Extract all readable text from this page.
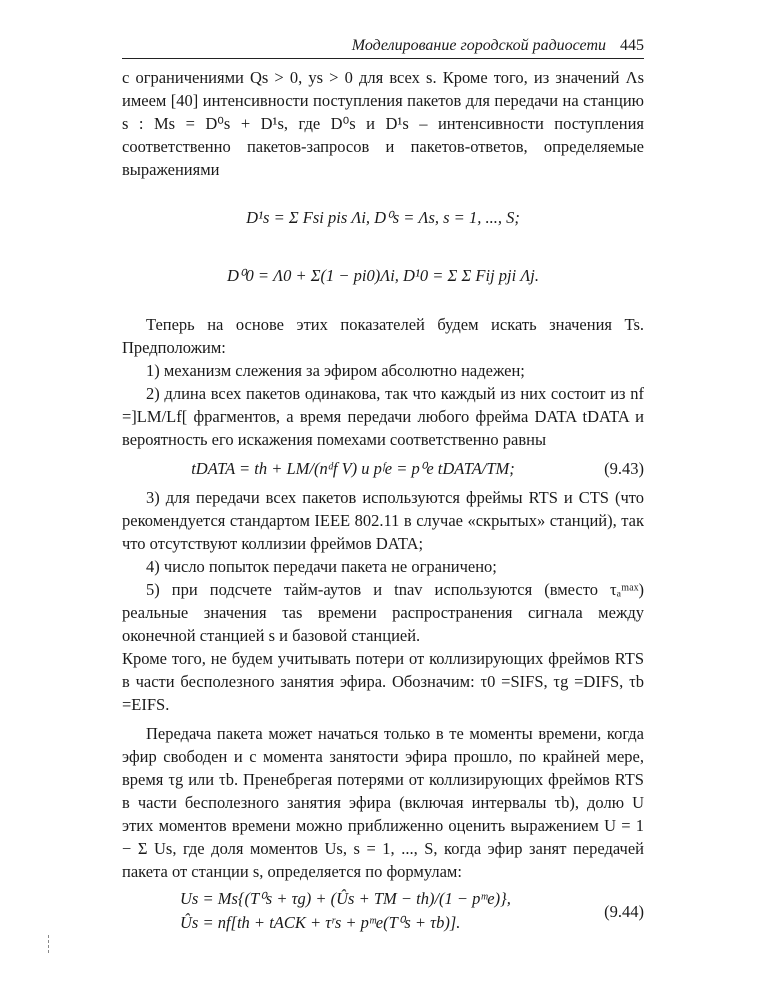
Моделирование городской радиосети 445

с ограничениями Qs > 0, ys > 0 для всех s. Кроме того, из значений Λs имеем [40] интенсивности поступления пакетов для передачи на станцию s : Ms = D⁰s + D¹s, где D⁰s и D¹s – интенсивности поступления соответственно пакетов-запросов и пакетов-ответов, определяемые выражениями

D¹s = Σ Fsi pis Λi, D⁰s = Λs, s = 1, ..., S;

D⁰0 = Λ0 + Σ(1 − pi0)Λi, D¹0 = Σ Σ Fij pji Λj.

Теперь на основе этих показателей будем искать значения Ts. Предположим:

1) механизм слежения за эфиром абсолютно надежен;

2) длина всех пакетов одинакова, так что каждый из них состоит из nf =]LM/Lf[ фрагментов, а время передачи любого фрейма DATA tDATA и вероятность его искажения помехами соответственно равны

tDATA = th + LM/(nᵈf V) и pᶠe = p⁰e tDATA/TM;	(9.43)

3) для передачи всех пакетов используются фреймы RTS и CTS (что рекомендуется стандартом IEEE 802.11 в случае «скрытых» станций), так что отсутствуют коллизии фреймов DATA;

4) число попыток передачи пакета не ограничено;

5) при подсчете тайм-аутов и tnav используются (вместо τₐᵐᵃˣ) реальные значения τas времени распространения сигнала между оконечной станцией s и базовой станцией.

Кроме того, не будем учитывать потери от коллизирующих фреймов RTS в части бесполезного занятия эфира. Обозначим: τ0 =SIFS, τg =DIFS, τb =EIFS.

Передача пакета может начаться только в те моменты времени, когда эфир свободен и с момента занятости эфира прошло, по крайней мере, время τg или τb. Пренебрегая потерями от коллизирующих фреймов RTS в части бесполезного занятия эфира (включая интервалы τb), долю U этих моментов времени можно приближенно оценить выражением U = 1 − Σ Us, где доля моментов Us, s = 1, ..., S, когда эфир занят передачей пакета от станции s, определяется по формулам:

Us = Ms{(T⁰s + τg) + (Ûs + TM − th)/(1 − pᵐe)},
Ûs = nf[th + tACK + τʳs + pᵐe(T⁰s + τb)].
(9.44)
